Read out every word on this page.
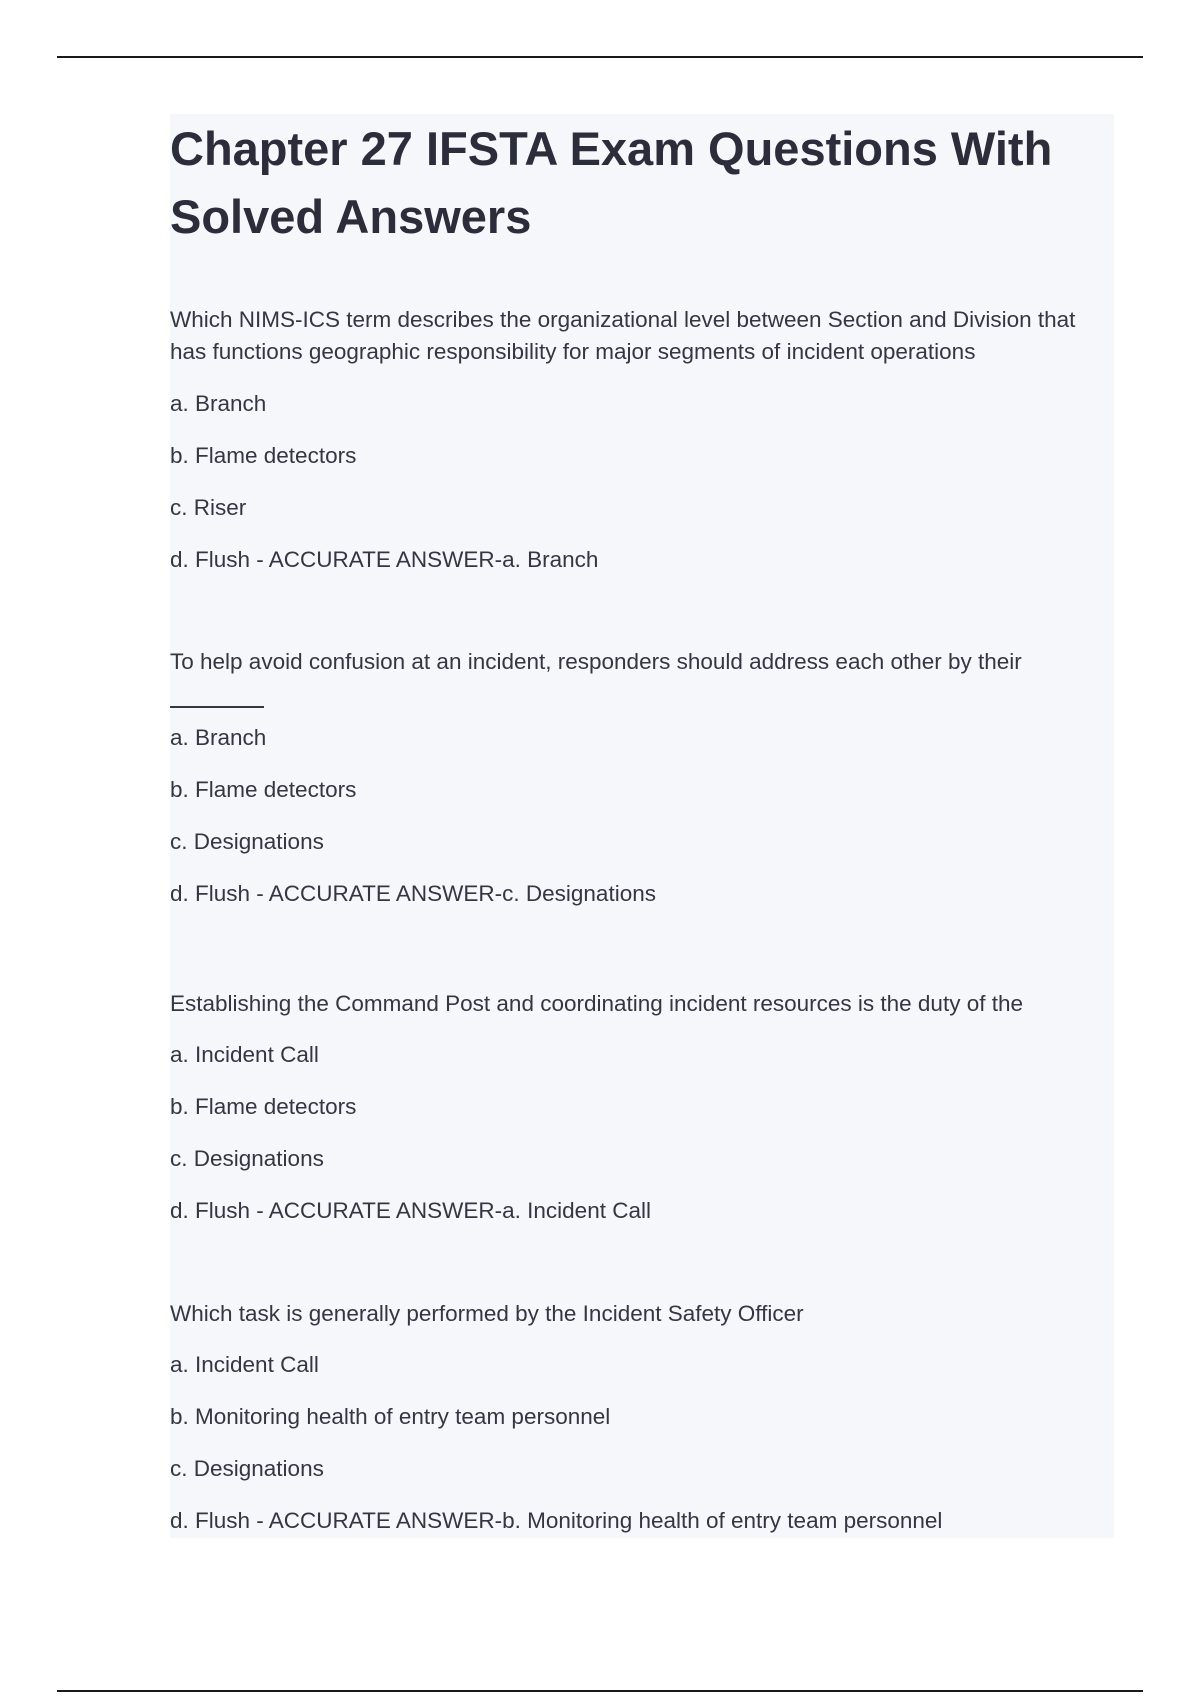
Chapter 27 IFSTA Exam Questions With Solved Answers

Which NIMS-ICS term describes the organizational level between Section and Division that has functions geographic responsibility for major segments of incident operations

a. Branch

b. Flame detectors

c. Riser

d. Flush - ACCURATE ANSWER-a. Branch

To help avoid confusion at an incident, responders should address each other by their

a. Branch

b. Flame detectors

c. Designations

d. Flush - ACCURATE ANSWER-c. Designations

Establishing the Command Post and coordinating incident resources is the duty of the

a. Incident Call

b. Flame detectors

c. Designations

d. Flush - ACCURATE ANSWER-a. Incident Call

Which task is generally performed by the Incident Safety Officer

a. Incident Call

b. Monitoring health of entry team personnel

c. Designations

d. Flush - ACCURATE ANSWER-b. Monitoring health of entry team personnel
